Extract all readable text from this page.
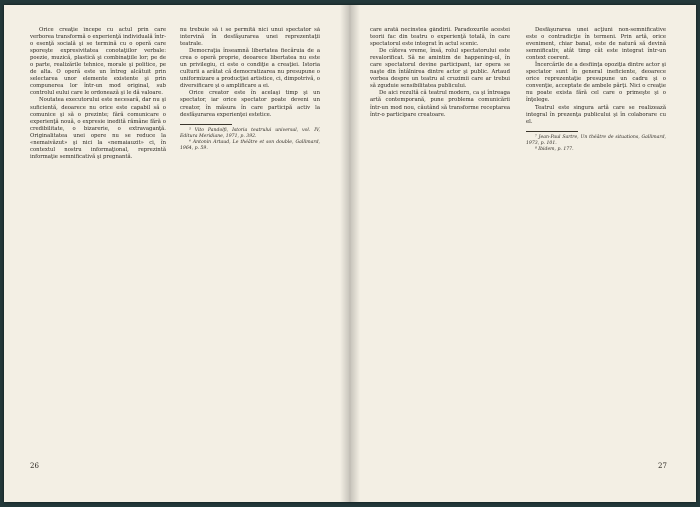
Orice creaţie începe cu actul prin care verborea transformă o experienţă individuală într-o esenţă socială şi se termină cu o operă care sporeşte expresivitatea conotaţiilor verbale: poezie, muzică, plastică şi combinaţiile lor; pe de o parte, realizările tehnice, morale şi politice, pe de alta. O operă este un întreg alcătuit prin selectarea unor elemente existente şi prin compunerea lor într-un mod original, sub controlul eului care le ordonează şi le dă valoare.

Noutatea executorului este necesară, dar nu şi suficientă, deoarece nu orice este capabil să o comunice şi să o prezinte; fără comunicare o experienţă nouă, o expresie inedită rămâne fără o credibilitate, o bizarerie, o extravaganţă. Originalitatea unei opere nu se reduce la «nemaivăzut» şi nici la «nemaiauzit» ci, în contextul nostru informaţional, reprezintă informaţie semnificativă şi pregnantă.

nu trebuie să i se permită nici unui spectator să intervină în desfăşurarea unei reprezentaţii teatrale.

Democraţia înseamnă libertatea fiecăruia de a crea o operă proprie, deoarece libertatea nu este un privilegiu, ci este o condiţie a creaţiei. Istoria culturii a arătat că democratizarea nu presupune o uniformizare a producţiei artistice, ci, dimpotrivă, o diversificare şi o amplificare a ei.

Orice creator este în acelaşi timp şi un spectator, iar orice spectator poate deveni un creator, în măsura în care participă activ la desfăşurarea experienţei estetice.

⁵ Vito Pandolfi, Istoria teatrului universal, vol. IV, Editura Meridiane, 1971, p. 392.

⁶ Antonin Artaud, Le théâtre et son double, Gallimard, 1964, p. 59.

26

care arată necinstea gândirii. Paradoxurile acestei teorii fac din teatru o experienţă totală, în care spectatorul este integrat în actul scenic.

De câteva vreme, însă, rolul spectatorului este revalorificat. Să ne amintim de happening-ul, în care spectatorul devine participant, iar opera se naşte din întâlnirea dintre actor şi public. Artaud vorbea despre un teatru al cruzimii care ar trebui să zguduie sensibilitatea publicului.

De aici rezultă că teatrul modern, ca şi întreaga artă contemporană, pune problema comunicării într-un mod nou, căutând să transforme receptarea într-o participare creatoare.

Desfăşurarea unei acţiuni non-semnificative este o contradicţie în termeni. Prin artă, orice eveniment, chiar banal, este de natură să devină semnificativ, atât timp cât este integrat într-un context coerent.

Încercările de a desfiinţa opoziţia dintre actor şi spectator sunt în general ineficiente, deoarece orice reprezentaţie presupune un cadru şi o convenţie, acceptate de ambele părţi. Nici o creaţie nu poate exista fără cel care o primeşte şi o înţelege.

Teatrul este singura artă care se realizează integral în prezenţa publicului şi în colaborare cu el.

⁷ Jean-Paul Sartre, Un théâtre de situations, Gallimard, 1973, p. 101.

⁸ Ibidem, p. 177.

27
